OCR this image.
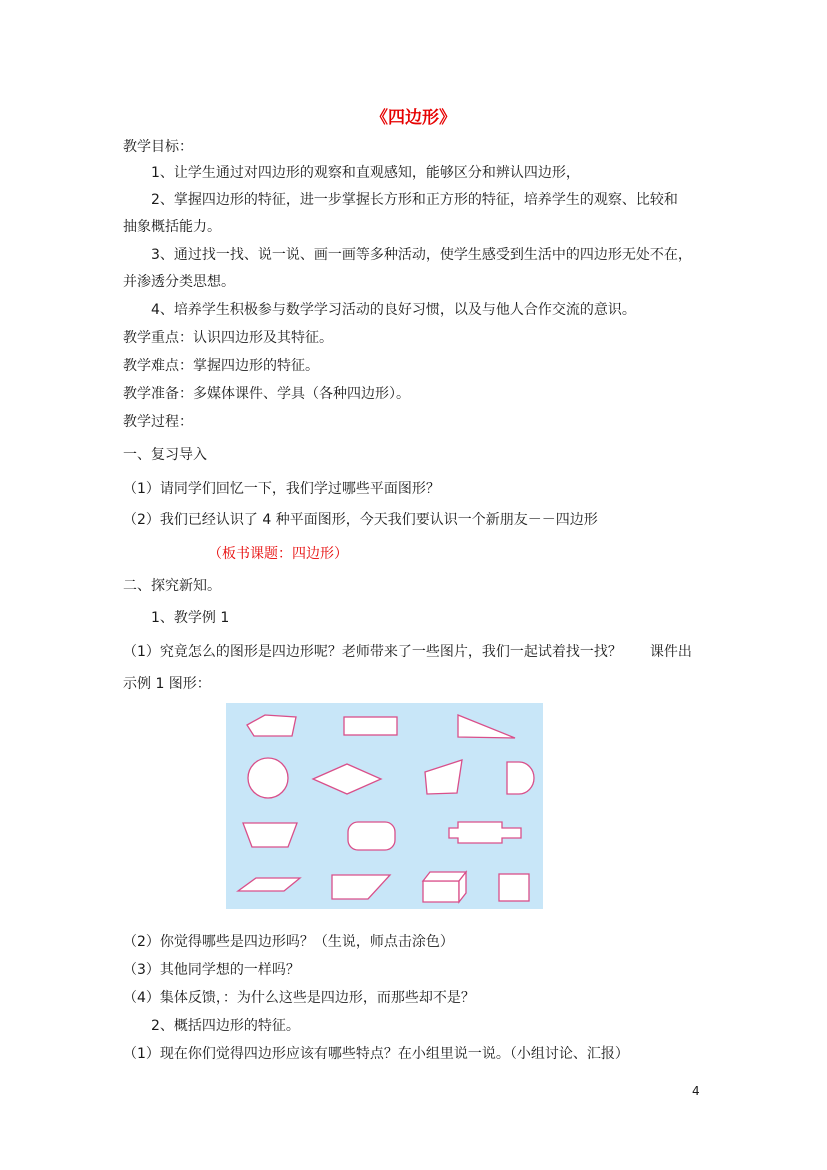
《四边形》
教学目标：
1、让学生通过对四边形的观察和直观感知，能够区分和辨认四边形，
2、掌握四边形的特征，进一步掌握长方形和正方形的特征，培养学生的观察、比较和
抽象概括能力。
3、通过找一找、说一说、画一画等多种活动，使学生感受到生活中的四边形无处不在，
并渗透分类思想。
4、培养学生积极参与数学学习活动的良好习惯，以及与他人合作交流的意识。
教学重点：认识四边形及其特征。
教学难点：掌握四边形的特征。
教学准备：多媒体课件、学具（各种四边形）。
教学过程：
一、复习导入
（1）请同学们回忆一下，我们学过哪些平面图形？
（2）我们已经认识了 4 种平面图形，今天我们要认识一个新朋友－－四边形
（板书课题：四边形）
二、探究新知。
1、教学例 1
（1）究竟怎么的图形是四边形呢？老师带来了一些图片，我们一起试着找一找？　　课件出
示例 1 图形：
（2）你觉得哪些是四边形吗？（生说，师点击涂色）
（3）其他同学想的一样吗？
（4）集体反馈，：为什么这些是四边形，而那些却不是？
2、概括四边形的特征。
（1）现在你们觉得四边形应该有哪些特点？在小组里说一说。（小组讨论、汇报）
4
